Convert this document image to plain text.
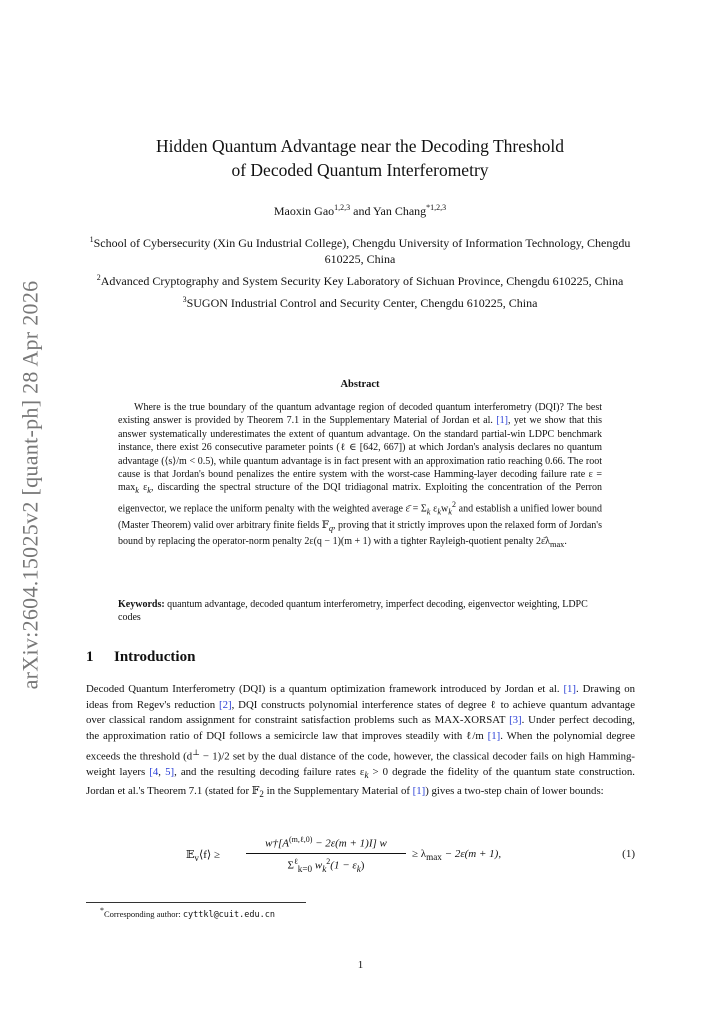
arXiv:2604.15025v2 [quant-ph] 28 Apr 2026
Hidden Quantum Advantage near the Decoding Threshold
of Decoded Quantum Interferometry
Maoxin Gao$^{1,2,3}$ and Yan Chang$^{*1,2,3}$
$^1$School of Cybersecurity (Xin Gu Industrial College), Chengdu University of Information Technology, Chengdu 610225, China
$^2$Advanced Cryptography and System Security Key Laboratory of Sichuan Province, Chengdu 610225, China
$^3$SUGON Industrial Control and Security Center, Chengdu 610225, China
Abstract
Where is the true boundary of the quantum advantage region of decoded quantum interferometry (DQI)? The best existing answer is provided by Theorem 7.1 in the Supplementary Material of Jordan et al. [1], yet we show that this answer systematically underestimates the extent of quantum advantage. On the standard partial-win LDPC benchmark instance, there exist 26 consecutive parameter points (ℓ ∈ [642, 667]) at which Jordan's analysis declares no quantum advantage (⟨s⟩/m < 0.5), while quantum advantage is in fact present with an approximation ratio reaching 0.66. The root cause is that Jordan's bound penalizes the entire system with the worst-case Hamming-layer decoding failure rate $\varepsilon = \max_k \varepsilon_k$, discarding the spectral structure of the DQI tridiagonal matrix. Exploiting the concentration of the Perron eigenvector, we replace the uniform penalty with the weighted average ε̄ = $\Sigma_k$ $\varepsilon_kw_k^2$ and establish a unified lower bound (Master Theorem) valid over arbitrary finite fields 𝔽$_q$, proving that it strictly improves upon the relaxed form of Jordan's bound by replacing the operator-norm penalty 2ε(q − 1)(m + 1) with a tighter Rayleigh-quotient penalty $2\varepsilon̄\lambda_{max}$.
Keywords: quantum advantage, decoded quantum interferometry, imperfect decoding, eigenvector weighting, LDPC codes
1 Introduction
Decoded Quantum Interferometry (DQI) is a quantum optimization framework introduced by Jordan et al. [1]. Drawing on ideas from Regev's reduction [2], DQI constructs polynomial interference states of degree ℓ to achieve quantum advantage over classical random assignment for constraint satisfaction problems such as MAX-XORSAT [3]. Under perfect decoding, the approximation ratio of DQI follows a semicircle law that improves steadily with ℓ/m [1]. When the polynomial degree exceeds the threshold (d⊥ − 1)/2 set by the dual distance of the code, however, the classical decoder fails on high Hamming-weight layers [4, 5], and the resulting decoding failure rates $\varepsilon_k > 0$ degrade the fidelity of the quantum state construction. Jordan et al.'s Theorem 7.1 (stated for 𝔽$_2$ in the Supplementary Material of [1]) gives a two-step chain of lower bounds:
𝔼$_v$⟨f⟩ ≥
$w\dagger[A^{(m,\ell,0)} - 2\varepsilon(m + 1)I]$ w
$\Sigma^\ell_{k=0}$ $w_k^2(1 - \varepsilon_k)$
≥ $\lambda_{max} - 2\varepsilon(m + 1)$,	(1)
*Corresponding author: cyttkl@cuit.edu.cn
1
